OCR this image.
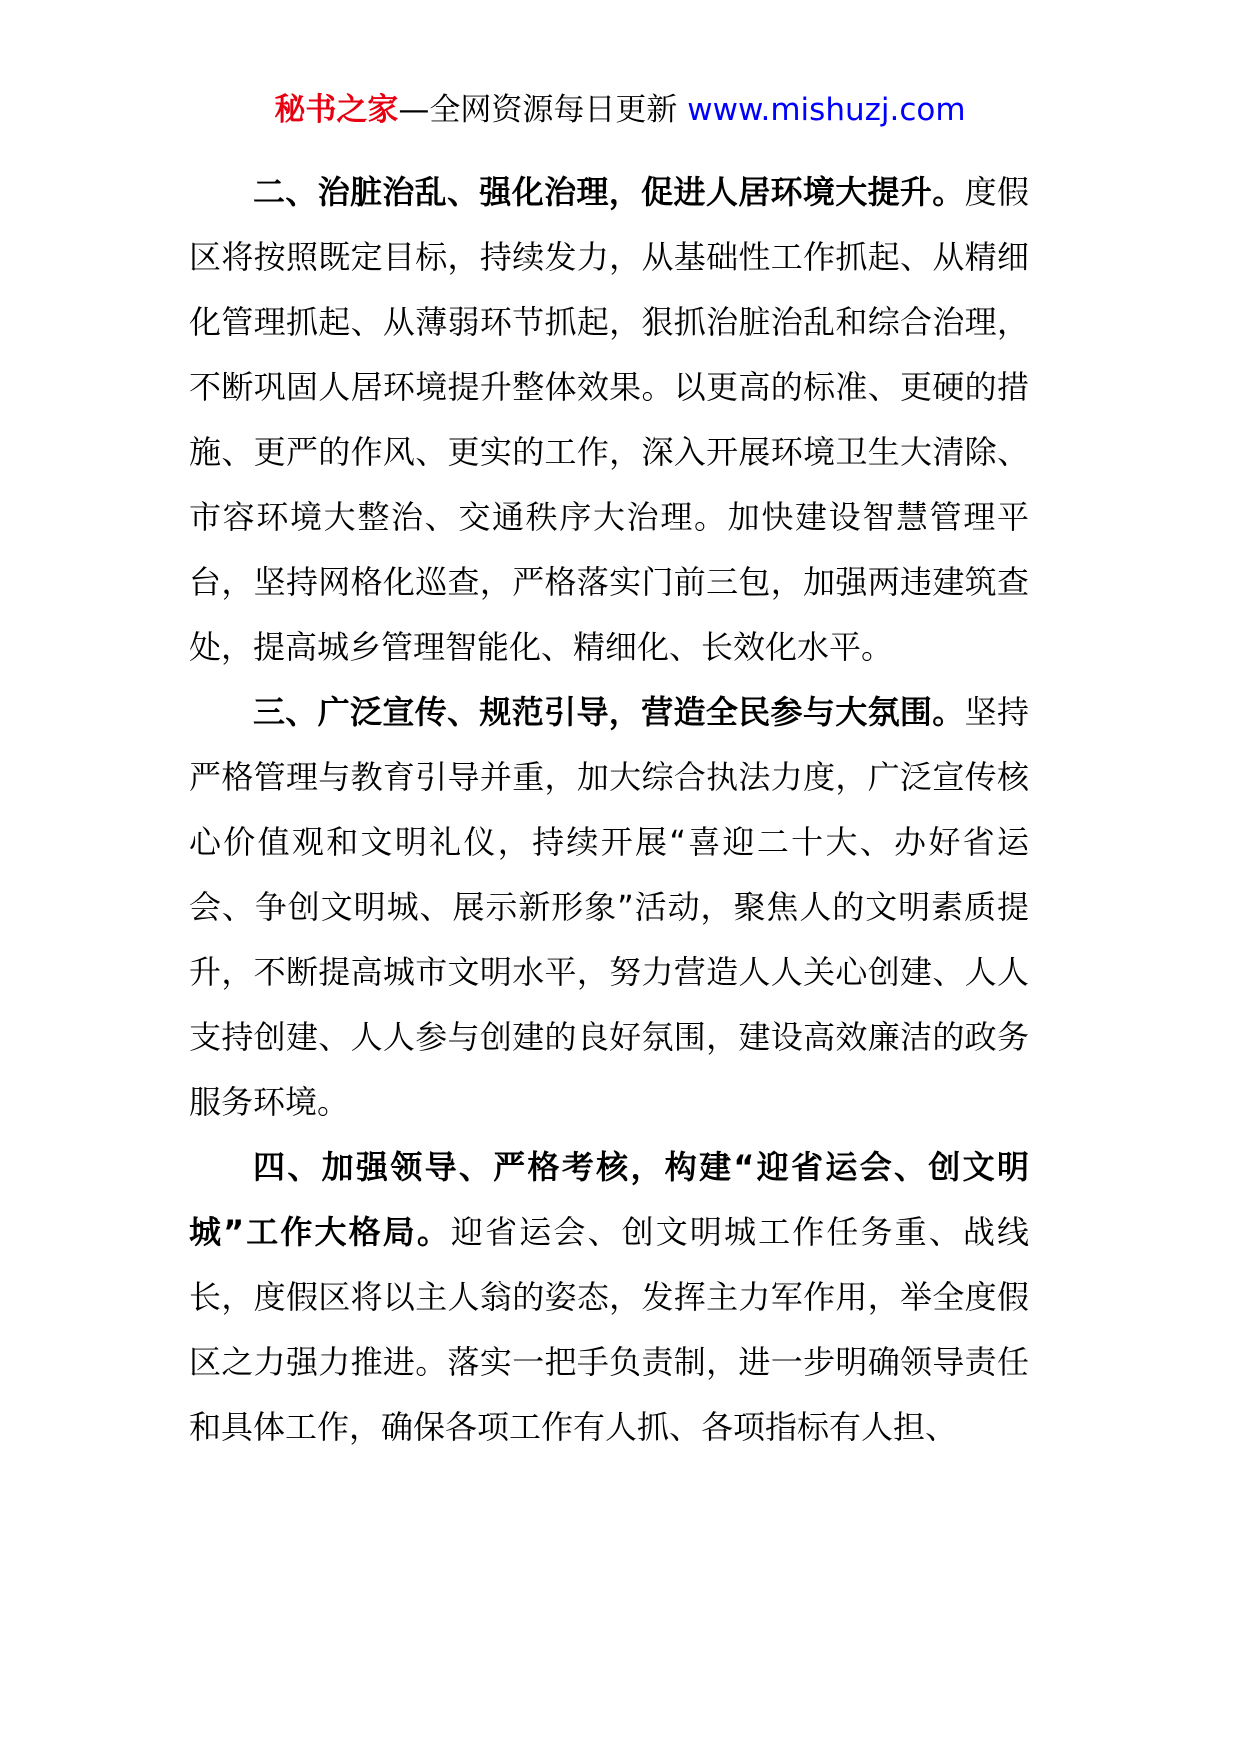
秘书之家—全网资源每日更新 www.mishuzj.com

二、治脏治乱、强化治理，促进人居环境大提升。度假区将按照既定目标，持续发力，从基础性工作抓起、从精细化管理抓起、从薄弱环节抓起，狠抓治脏治乱和综合治理，不断巩固人居环境提升整体效果。以更高的标准、更硬的措施、更严的作风、更实的工作，深入开展环境卫生大清除、市容环境大整治、交通秩序大治理。加快建设智慧管理平台，坚持网格化巡查，严格落实门前三包，加强两违建筑查处，提高城乡管理智能化、精细化、长效化水平。

三、广泛宣传、规范引导，营造全民参与大氛围。坚持严格管理与教育引导并重，加大综合执法力度，广泛宣传核心价值观和文明礼仪，持续开展“喜迎二十大、办好省运会、争创文明城、展示新形象”活动，聚焦人的文明素质提升，不断提高城市文明水平，努力营造人人关心创建、人人支持创建、人人参与创建的良好氛围，建设高效廉洁的政务服务环境。

四、加强领导、严格考核，构建“迎省运会、创文明城”工作大格局。迎省运会、创文明城工作任务重、战线长，度假区将以主人翁的姿态，发挥主力军作用，举全度假区之力强力推进。落实一把手负责制，进一步明确领导责任和具体工作，确保各项工作有人抓、各项指标有人担、
